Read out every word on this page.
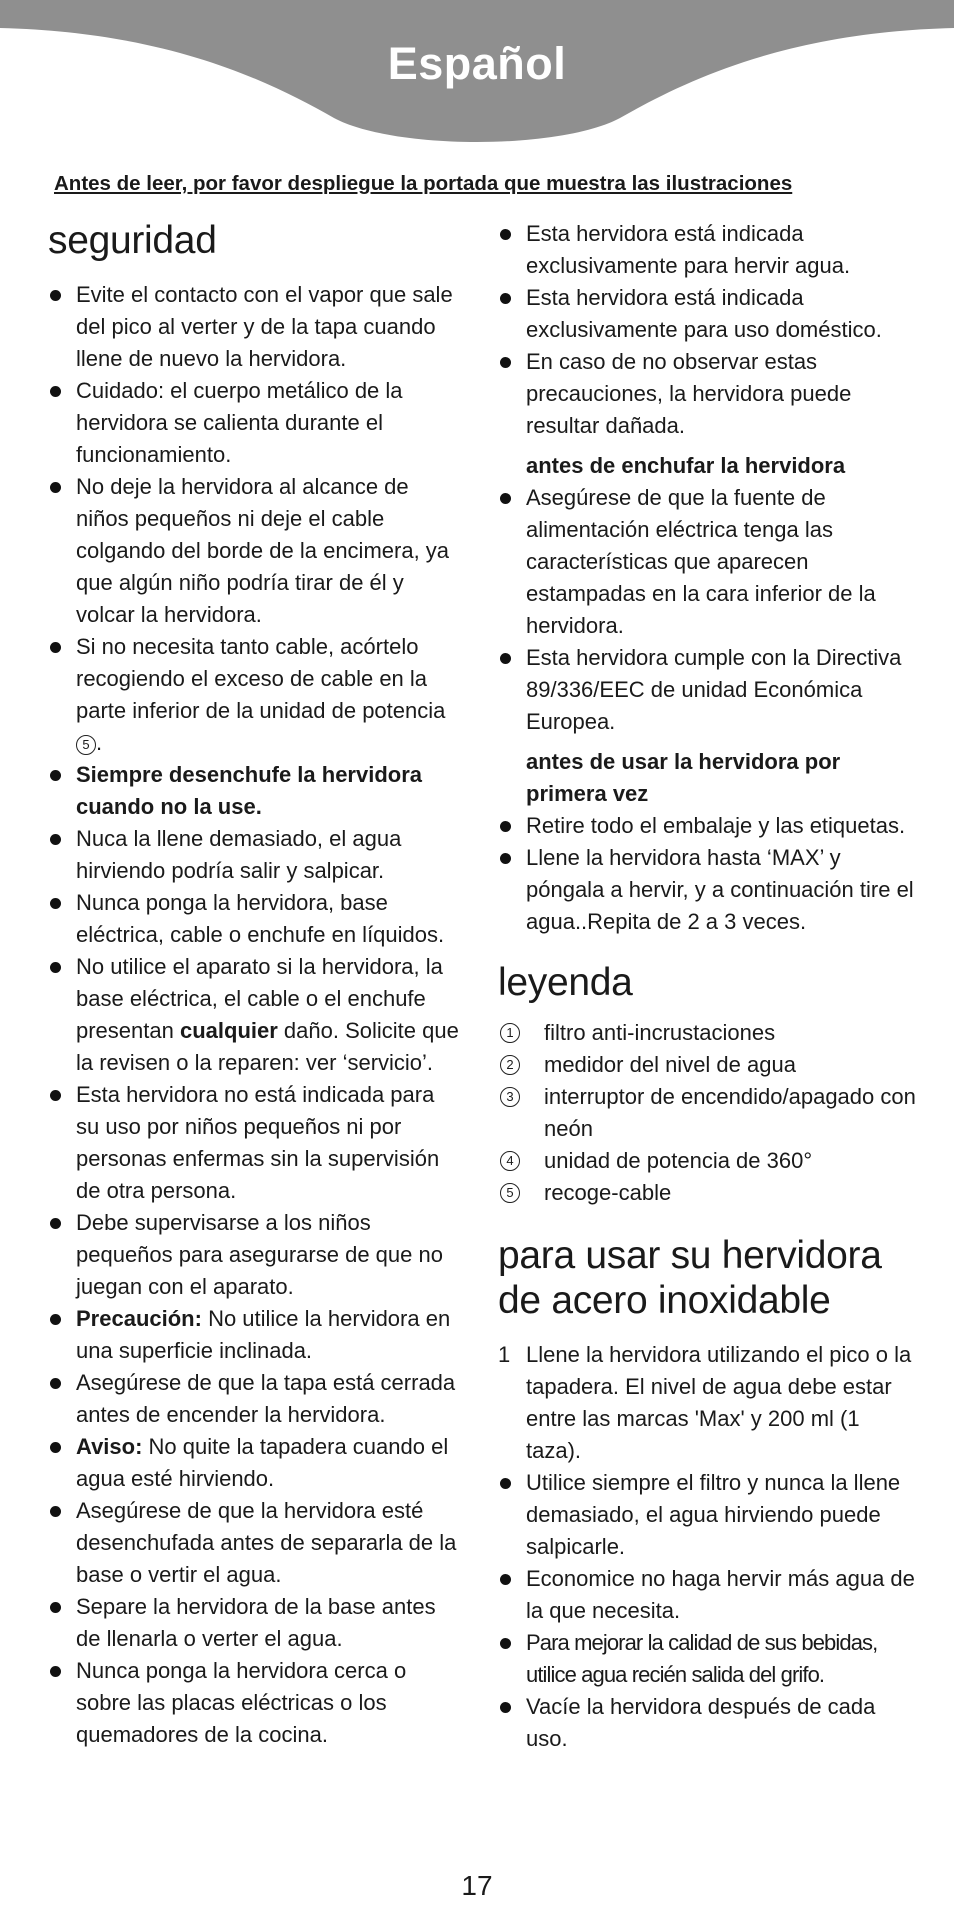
Español
Antes de leer, por favor despliegue la portada que muestra las ilustraciones
seguridad
Evite el contacto con el vapor que sale del pico al verter y de la tapa cuando llene de nuevo la hervidora.
Cuidado: el cuerpo metálico de la hervidora se calienta durante el funcionamiento.
No deje la hervidora al alcance de niños pequeños ni deje el cable colgando del borde de la encimera, ya que algún niño podría tirar de él y volcar la hervidora.
Si no necesita tanto cable, acórtelo recogiendo el exceso de cable en la parte inferior de la unidad de potencia 5 .
Siempre desenchufe la hervidora cuando no la use.
Nuca la llene demasiado, el agua hirviendo podría salir y salpicar.
Nunca ponga la hervidora, base eléctrica, cable o enchufe en líquidos.
No utilice el aparato si la hervidora, la base eléctrica, el cable o el enchufe presentan cualquier daño. Solicite que la revisen o la reparen: ver ‘servicio’.
Esta hervidora no está indicada para su uso por niños pequeños ni por personas enfermas sin la supervisión de otra persona.
Debe supervisarse a los niños pequeños para asegurarse de que no juegan con el aparato.
Precaución: No utilice la hervidora en una superficie inclinada.
Asegúrese de que la tapa está cerrada antes de encender la hervidora.
Aviso: No quite la tapadera cuando el agua esté hirviendo.
Asegúrese de que la hervidora esté desenchufada antes de separarla de la base o vertir el agua.
Separe la hervidora de la base antes de llenarla o verter el agua.
Nunca ponga la hervidora cerca o sobre las placas eléctricas o los quemadores de la cocina.
Esta hervidora está indicada exclusivamente para hervir agua.
Esta hervidora está indicada exclusivamente para uso doméstico.
En caso de no observar estas precauciones, la hervidora puede resultar dañada.
antes de enchufar la hervidora
Asegúrese de que la fuente de alimentación eléctrica tenga las características que aparecen estampadas en la cara inferior de la hervidora.
Esta hervidora cumple con la Directiva 89/336/EEC de unidad Económica Europea.
antes de usar la hervidora por primera vez
Retire todo el embalaje y las etiquetas.
Llene la hervidora hasta ‘MAX’ y póngala a hervir, y a continuación tire el agua..Repita de 2 a 3 veces.
leyenda
1 filtro anti-incrustaciones
2 medidor del nivel de agua
3 interruptor de encendido/apagado con neón
4 unidad de potencia de 360°
5 recoge-cable
para usar su hervidora de acero inoxidable
1 Llene la hervidora utilizando el pico o la tapadera. El nivel de agua debe estar entre las marcas 'Max' y 200 ml (1 taza).
Utilice siempre el filtro y nunca la llene demasiado, el agua hirviendo puede salpicarle.
Economice no haga hervir más agua de la que necesita.
Para mejorar la calidad de sus bebidas, utilice agua recién salida del grifo.
Vacíe la hervidora después de cada uso.
17
